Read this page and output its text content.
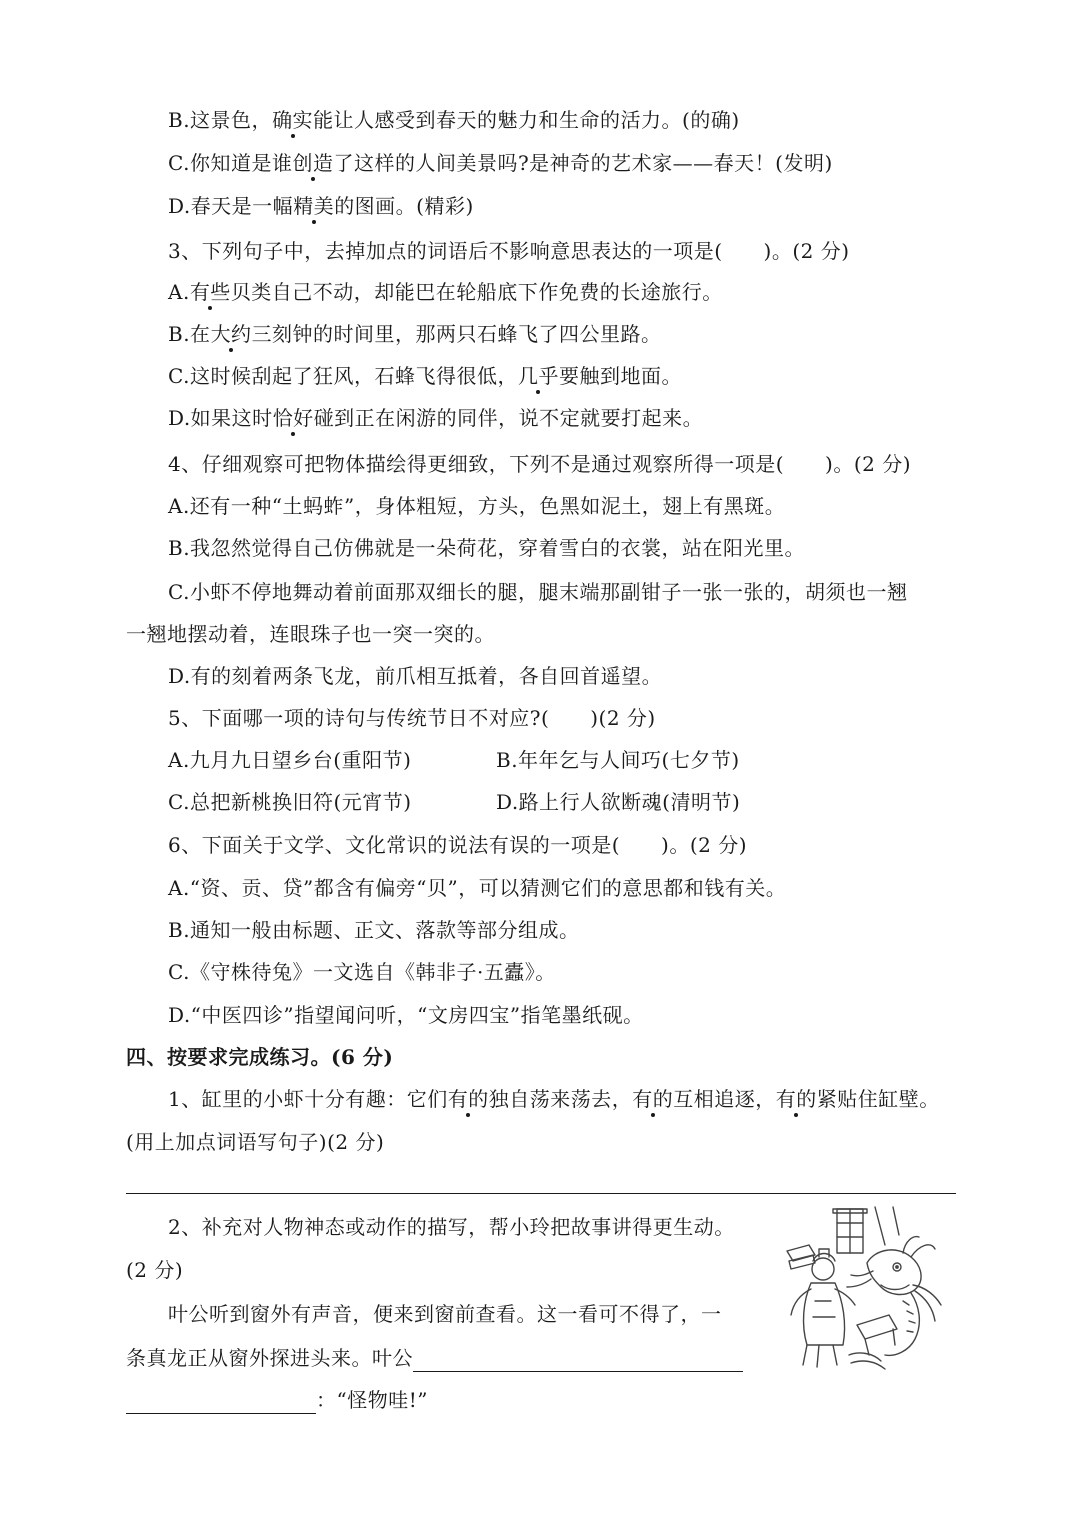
B.这景色，确实能让人感受到春天的魅力和生命的活力。(的确)
C.你知道是谁创造了这样的人间美景吗?是神奇的艺术家——春天！(发明)
D.春天是一幅精美的图画。(精彩)
3、下列句子中，去掉加点的词语后不影响意思表达的一项是(　　)。(2 分)
A.有些贝类自己不动，却能巴在轮船底下作免费的长途旅行。
B.在大约三刻钟的时间里，那两只石蜂飞了四公里路。
C.这时候刮起了狂风，石蜂飞得很低，几乎要触到地面。
D.如果这时恰好碰到正在闲游的同伴，说不定就要打起来。
4、仔细观察可把物体描绘得更细致，下列不是通过观察所得一项是(　　)。(2 分)
A.还有一种“土蚂蚱”，身体粗短，方头，色黑如泥土，翅上有黑斑。
B.我忽然觉得自己仿佛就是一朵荷花，穿着雪白的衣裳，站在阳光里。
C.小虾不停地舞动着前面那双细长的腿，腿末端那副钳子一张一张的，胡须也一翘
一翘地摆动着，连眼珠子也一突一突的。
D.有的刻着两条飞龙，前爪相互抵着，各自回首遥望。
5、下面哪一项的诗句与传统节日不对应?(　　)(2 分)
A.九月九日望乡台(重阳节)	B.年年乞与人间巧(七夕节)
C.总把新桃换旧符(元宵节)	D.路上行人欲断魂(清明节)
6、下面关于文学、文化常识的说法有误的一项是(　　)。(2 分)
A.“资、贡、贷”都含有偏旁“贝”，可以猜测它们的意思都和钱有关。
B.通知一般由标题、正文、落款等部分组成。
C.《守株待兔》一文选自《韩非子·五蠹》。
D.“中医四诊”指望闻问听，“文房四宝”指笔墨纸砚。
四、按要求完成练习。(6 分)
1、缸里的小虾十分有趣：它们有的独自荡来荡去，有的互相追逐，有的紧贴住缸壁。
(用上加点词语写句子)(2 分)
2、补充对人物神态或动作的描写，帮小玲把故事讲得更生动。
(2 分)
叶公听到窗外有声音，便来到窗前查看。这一看可不得了，一
条真龙正从窗外探进头来。叶公
：“怪物哇!”
